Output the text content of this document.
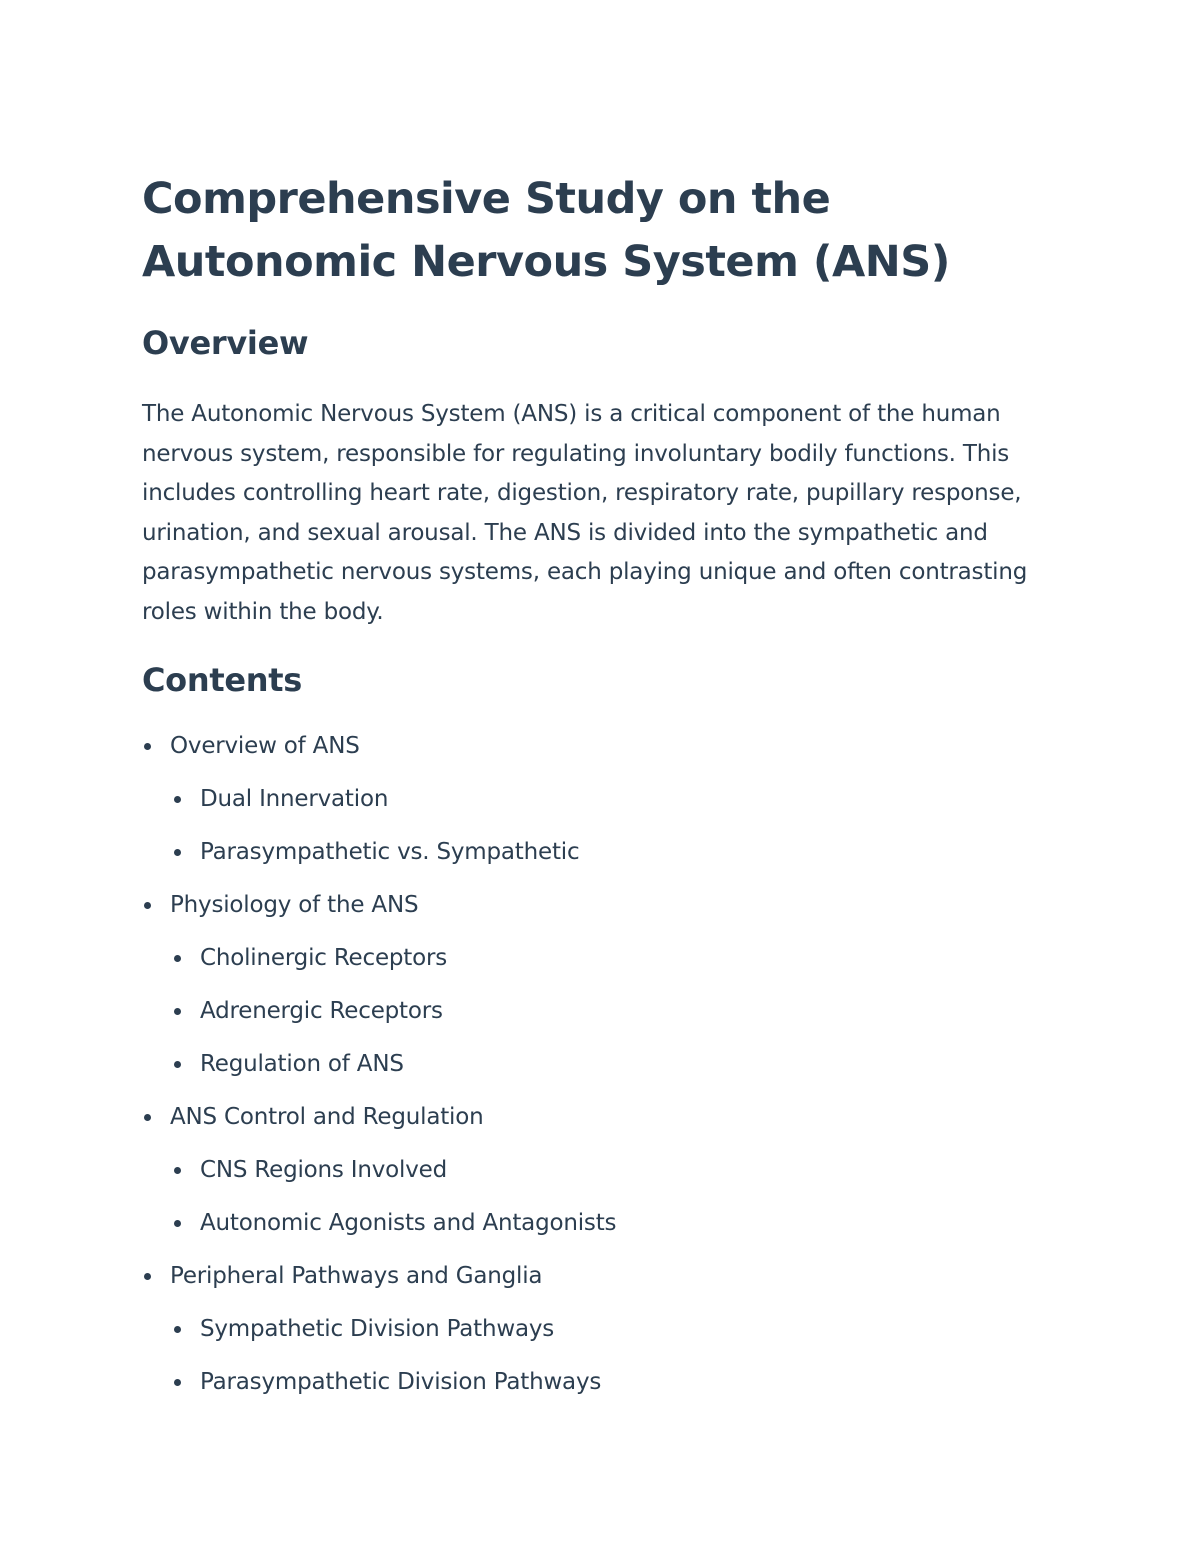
Comprehensive Study on the Autonomic Nervous System (ANS)
Overview

The Autonomic Nervous System (ANS) is a critical component of the human nervous system, responsible for regulating involuntary bodily functions. This includes controlling heart rate, digestion, respiratory rate, pupillary response, urination, and sexual arousal. The ANS is divided into the sympathetic and parasympathetic nervous systems, each playing unique and often contrasting roles within the body.

Contents
Overview of ANS
Dual Innervation
Parasympathetic vs. Sympathetic
Physiology of the ANS
Cholinergic Receptors
Adrenergic Receptors
Regulation of ANS
ANS Control and Regulation
CNS Regions Involved
Autonomic Agonists and Antagonists
Peripheral Pathways and Ganglia
Sympathetic Division Pathways
Parasympathetic Division Pathways
